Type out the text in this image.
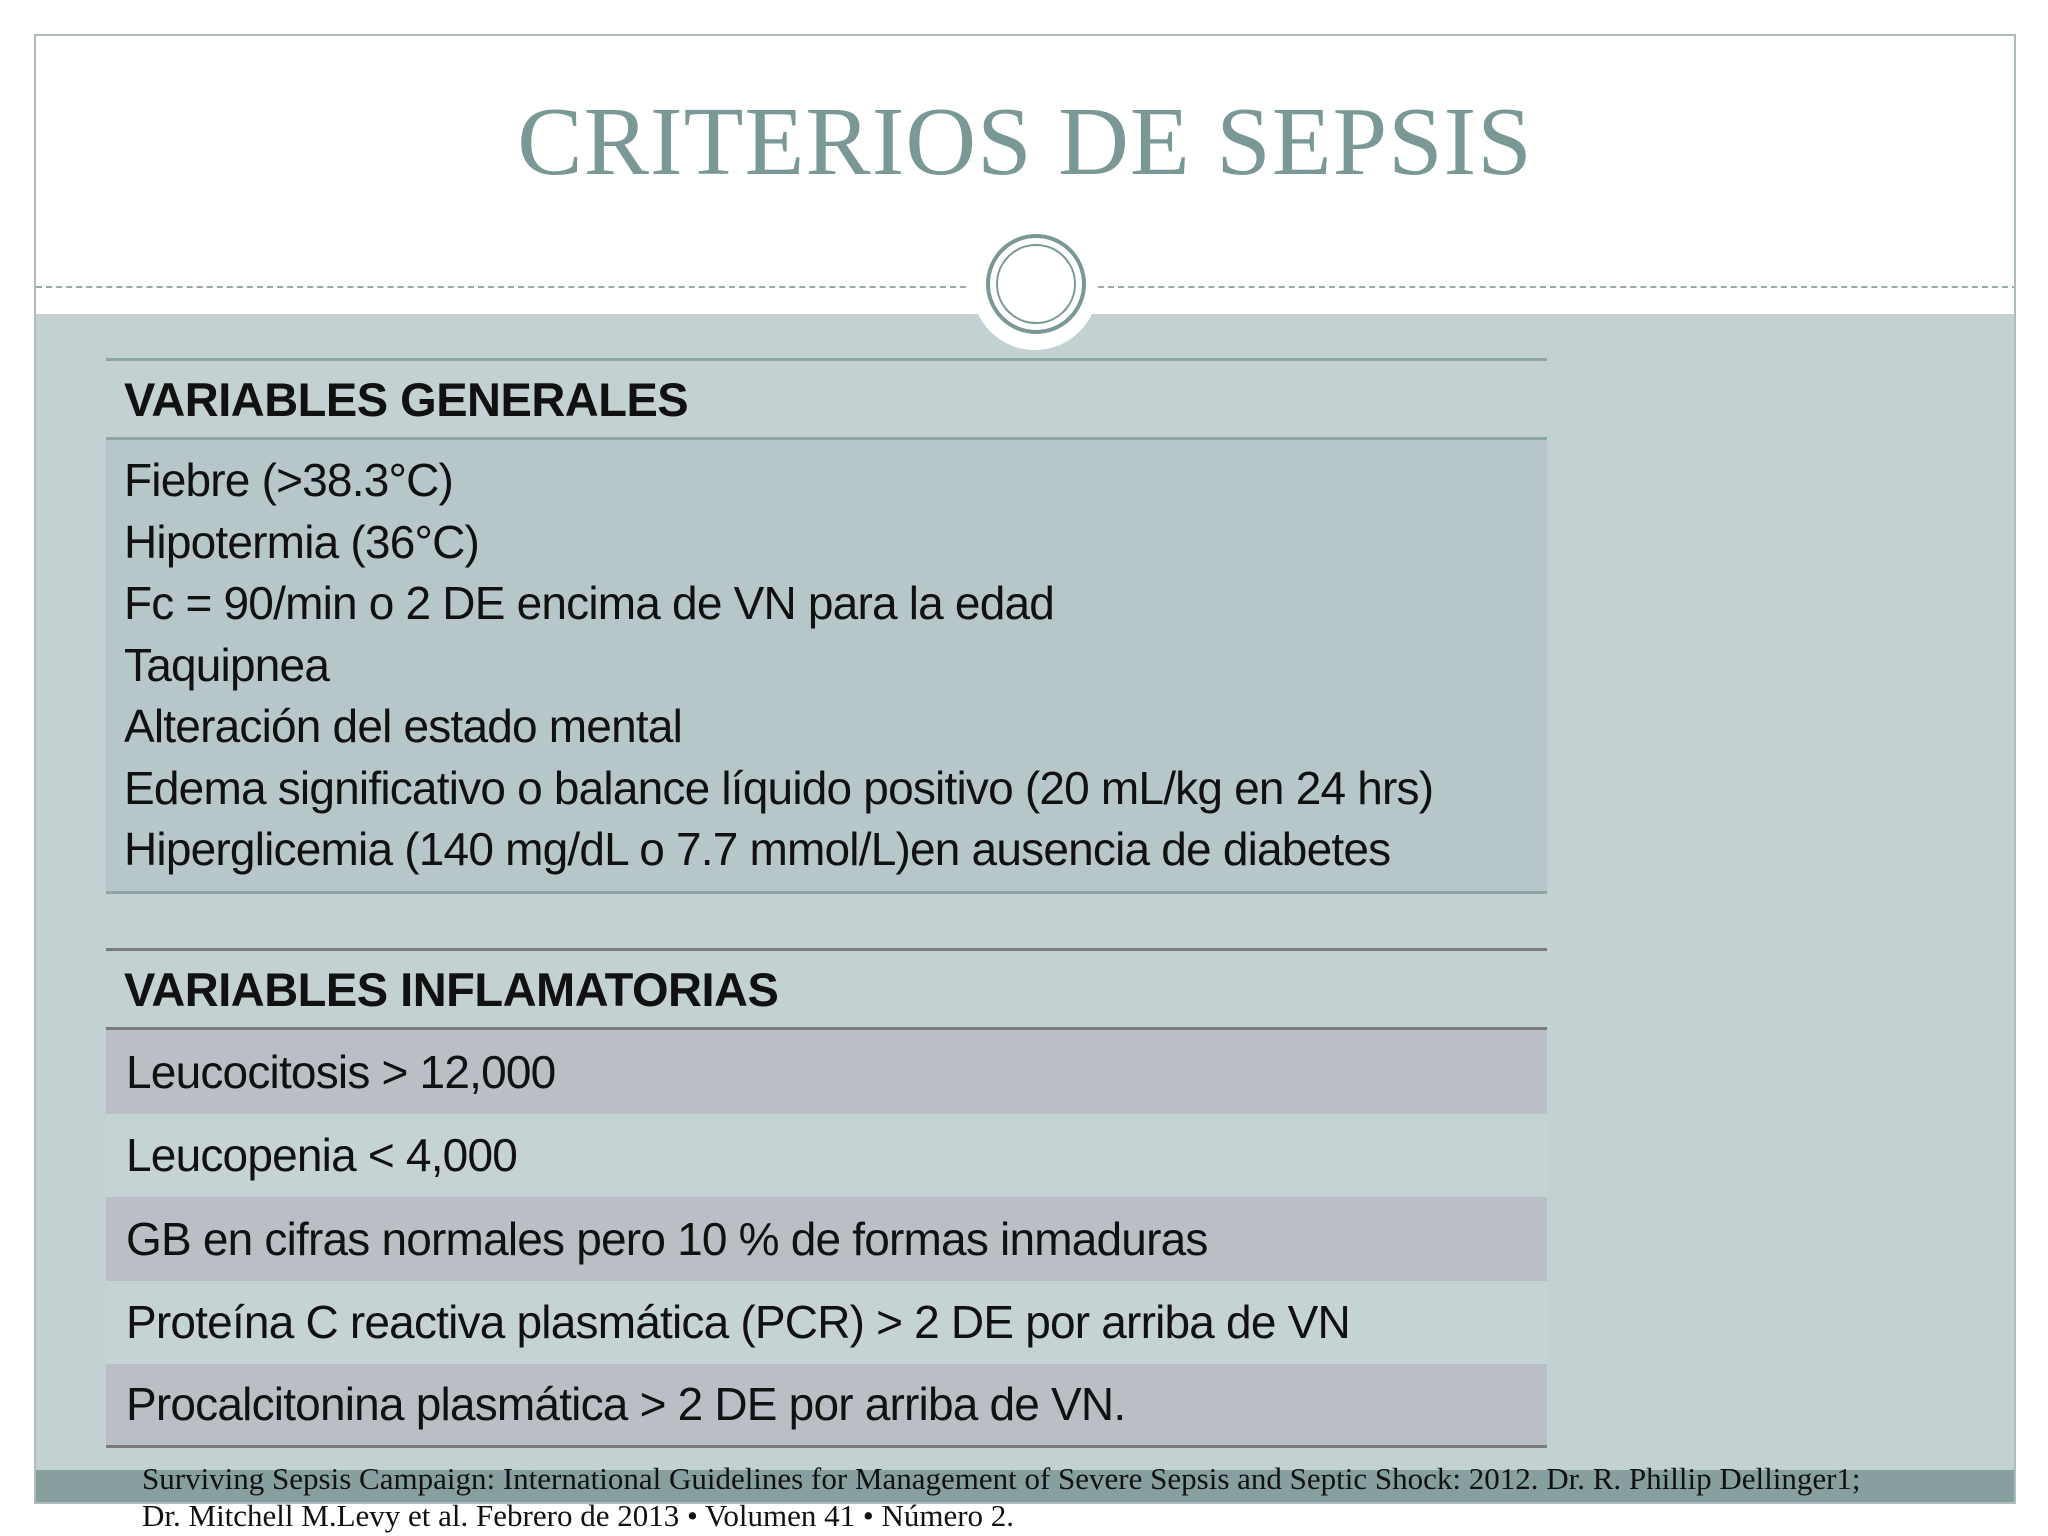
CRITERIOS DE SEPSIS
VARIABLES GENERALES
Fiebre (>38.3°C)
Hipotermia (36°C)
Fc = 90/min o 2 DE encima de VN para la edad
Taquipnea
Alteración del estado mental
Edema significativo o balance líquido positivo (20 mL/kg en 24 hrs)
Hiperglicemia (140 mg/dL o 7.7 mmol/L)en ausencia de diabetes
VARIABLES INFLAMATORIAS
Leucocitosis > 12,000
Leucopenia < 4,000
GB en cifras normales pero 10 % de formas inmaduras
Proteína C reactiva plasmática (PCR) > 2 DE por arriba de VN
Procalcitonina plasmática > 2 DE por arriba de VN.
Surviving Sepsis Campaign: International Guidelines for Management of Severe Sepsis and Septic Shock: 2012. Dr. R. Phillip Dellinger1;
Dr. Mitchell M.Levy et al. Febrero de 2013 • Volumen 41 • Número 2.
